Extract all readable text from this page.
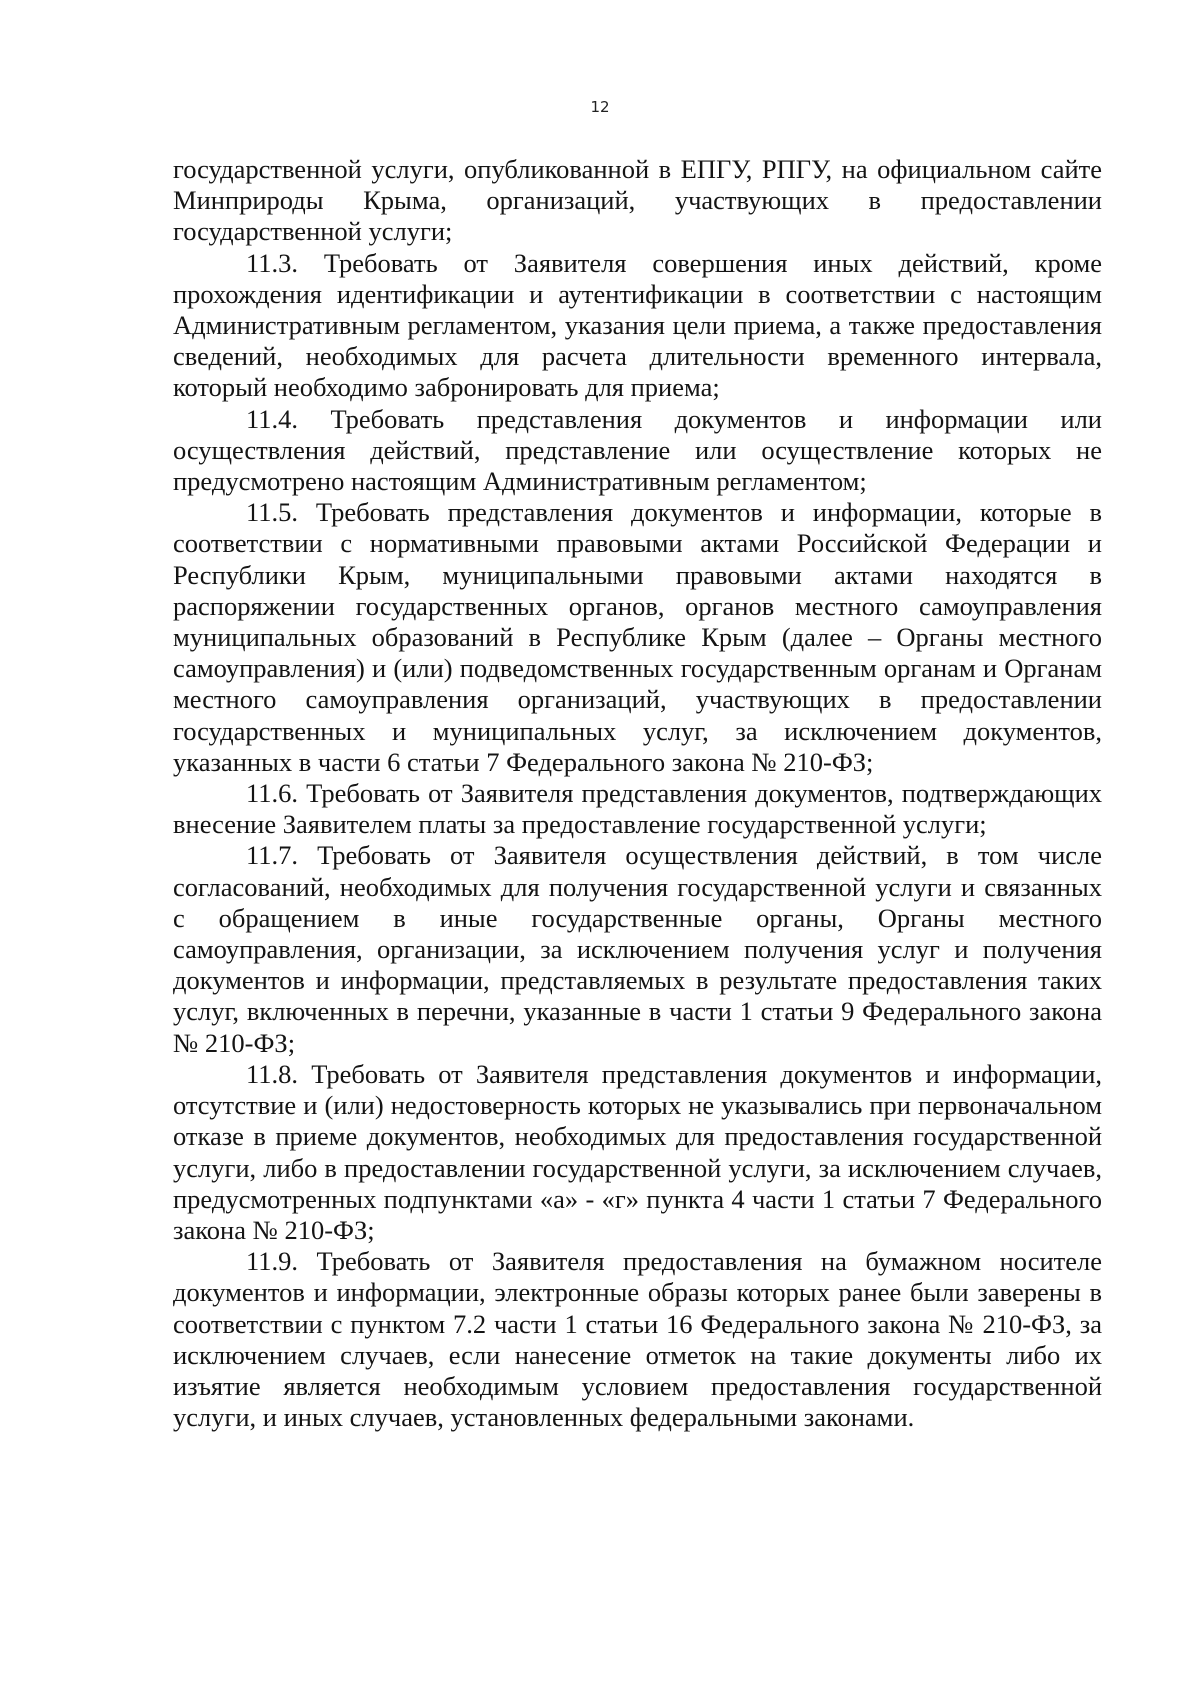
12

государственной услуги, опубликованной в ЕПГУ, РПГУ, на официальном сайте Минприроды Крыма, организаций, участвующих в предоставлении государственной услуги;

11.3. Требовать от Заявителя совершения иных действий, кроме прохождения идентификации и аутентификации в соответствии с настоящим Административным регламентом, указания цели приема, а также предоставления сведений, необходимых для расчета длительности временного интервала, который необходимо забронировать для приема;

11.4. Требовать представления документов и информации или осуществления действий, представление или осуществление которых не предусмотрено настоящим Административным регламентом;

11.5. Требовать представления документов и информации, которые в соответствии с нормативными правовыми актами Российской Федерации и Республики Крым, муниципальными правовыми актами находятся в распоряжении государственных органов, органов местного самоуправления муниципальных образований в Республике Крым (далее – Органы местного самоуправления) и (или) подведомственных государственным органам и Органам местного самоуправления организаций, участвующих в предоставлении государственных и муниципальных услуг, за исключением документов, указанных в части 6 статьи 7 Федерального закона № 210-ФЗ;

11.6. Требовать от Заявителя представления документов, подтверждающих внесение Заявителем платы за предоставление государственной услуги;

11.7. Требовать от Заявителя осуществления действий, в том числе согласований, необходимых для получения государственной услуги и связанных с обращением в иные государственные органы, Органы местного самоуправления, организации, за исключением получения услуг и получения документов и информации, представляемых в результате предоставления таких услуг, включенных в перечни, указанные в части 1 статьи 9 Федерального закона № 210-ФЗ;

11.8. Требовать от Заявителя представления документов и информации, отсутствие и (или) недостоверность которых не указывались при первоначальном отказе в приеме документов, необходимых для предоставления государственной услуги, либо в предоставлении государственной услуги, за исключением случаев, предусмотренных подпунктами «а» - «г» пункта 4 части 1 статьи 7 Федерального закона № 210-ФЗ;

11.9. Требовать от Заявителя предоставления на бумажном носителе документов и информации, электронные образы которых ранее были заверены в соответствии с пунктом 7.2 части 1 статьи 16 Федерального закона № 210-ФЗ, за исключением случаев, если нанесение отметок на такие документы либо их изъятие является необходимым условием предоставления государственной услуги, и иных случаев, установленных федеральными законами.
